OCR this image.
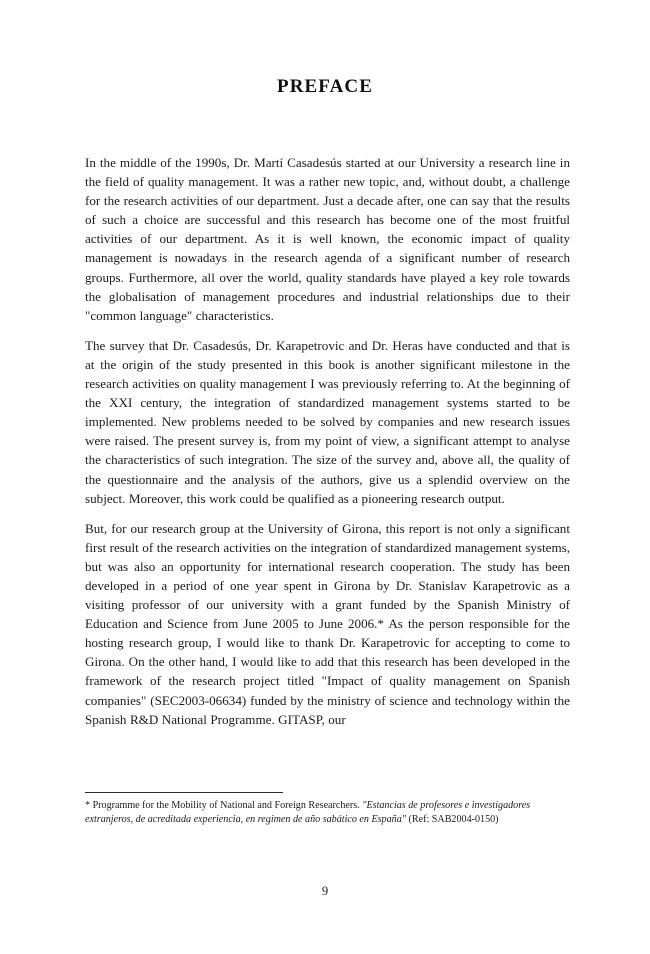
PREFACE

In the middle of the 1990s, Dr. Martí Casadesús started at our University a research line in the field of quality management. It was a rather new topic, and, without doubt, a challenge for the research activities of our department. Just a decade after, one can say that the results of such a choice are successful and this research has become one of the most fruitful activities of our department. As it is well known, the economic impact of quality management is nowadays in the research agenda of a significant number of research groups. Furthermore, all over the world, quality standards have played a key role towards the globalisation of management procedures and industrial relationships due to their "common language" characteristics.

The survey that Dr. Casadesús, Dr. Karapetrovic and Dr. Heras have conducted and that is at the origin of the study presented in this book is another significant milestone in the research activities on quality management I was previously referring to. At the beginning of the XXI century, the integration of standardized management systems started to be implemented. New problems needed to be solved by companies and new research issues were raised. The present survey is, from my point of view, a significant attempt to analyse the characteristics of such integration. The size of the survey and, above all, the quality of the questionnaire and the analysis of the authors, give us a splendid overview on the subject. Moreover, this work could be qualified as a pioneering research output.

But, for our research group at the University of Girona, this report is not only a significant first result of the research activities on the integration of standardized management systems, but was also an opportunity for international research cooperation. The study has been developed in a period of one year spent in Girona by Dr. Stanislav Karapetrovic as a visiting professor of our university with a grant funded by the Spanish Ministry of Education and Science from June 2005 to June 2006.* As the person responsible for the hosting research group, I would like to thank Dr. Karapetrovic for accepting to come to Girona. On the other hand, I would like to add that this research has been developed in the framework of the research project titled "Impact of quality management on Spanish companies" (SEC2003-06634) funded by the ministry of science and technology within the Spanish R&D National Programme. GITASP, our

* Programme for the Mobility of National and Foreign Researchers. "Estancias de profesores e investigadores extranjeros, de acreditada experiencia, en regimen de año sabático en España" (Ref: SAB2004-0150)

9
